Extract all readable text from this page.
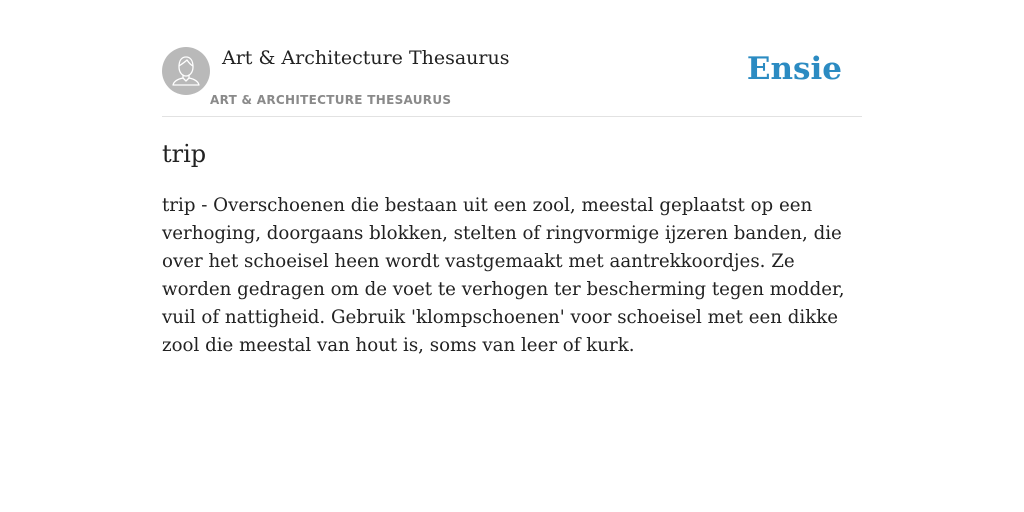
Art & Architecture Thesaurus
ART & ARCHITECTURE THESAURUS
Ensie
trip

trip - Overschoenen die bestaan uit een zool, meestal geplaatst op een verhoging, doorgaans blokken, stelten of ringvormige ijzeren banden, die over het schoeisel heen wordt vastgemaakt met aantrekkoordjes. Ze worden gedragen om de voet te verhogen ter bescherming tegen modder, vuil of nattigheid. Gebruik 'klompschoenen' voor schoeisel met een dikke zool die meestal van hout is, soms van leer of kurk.
